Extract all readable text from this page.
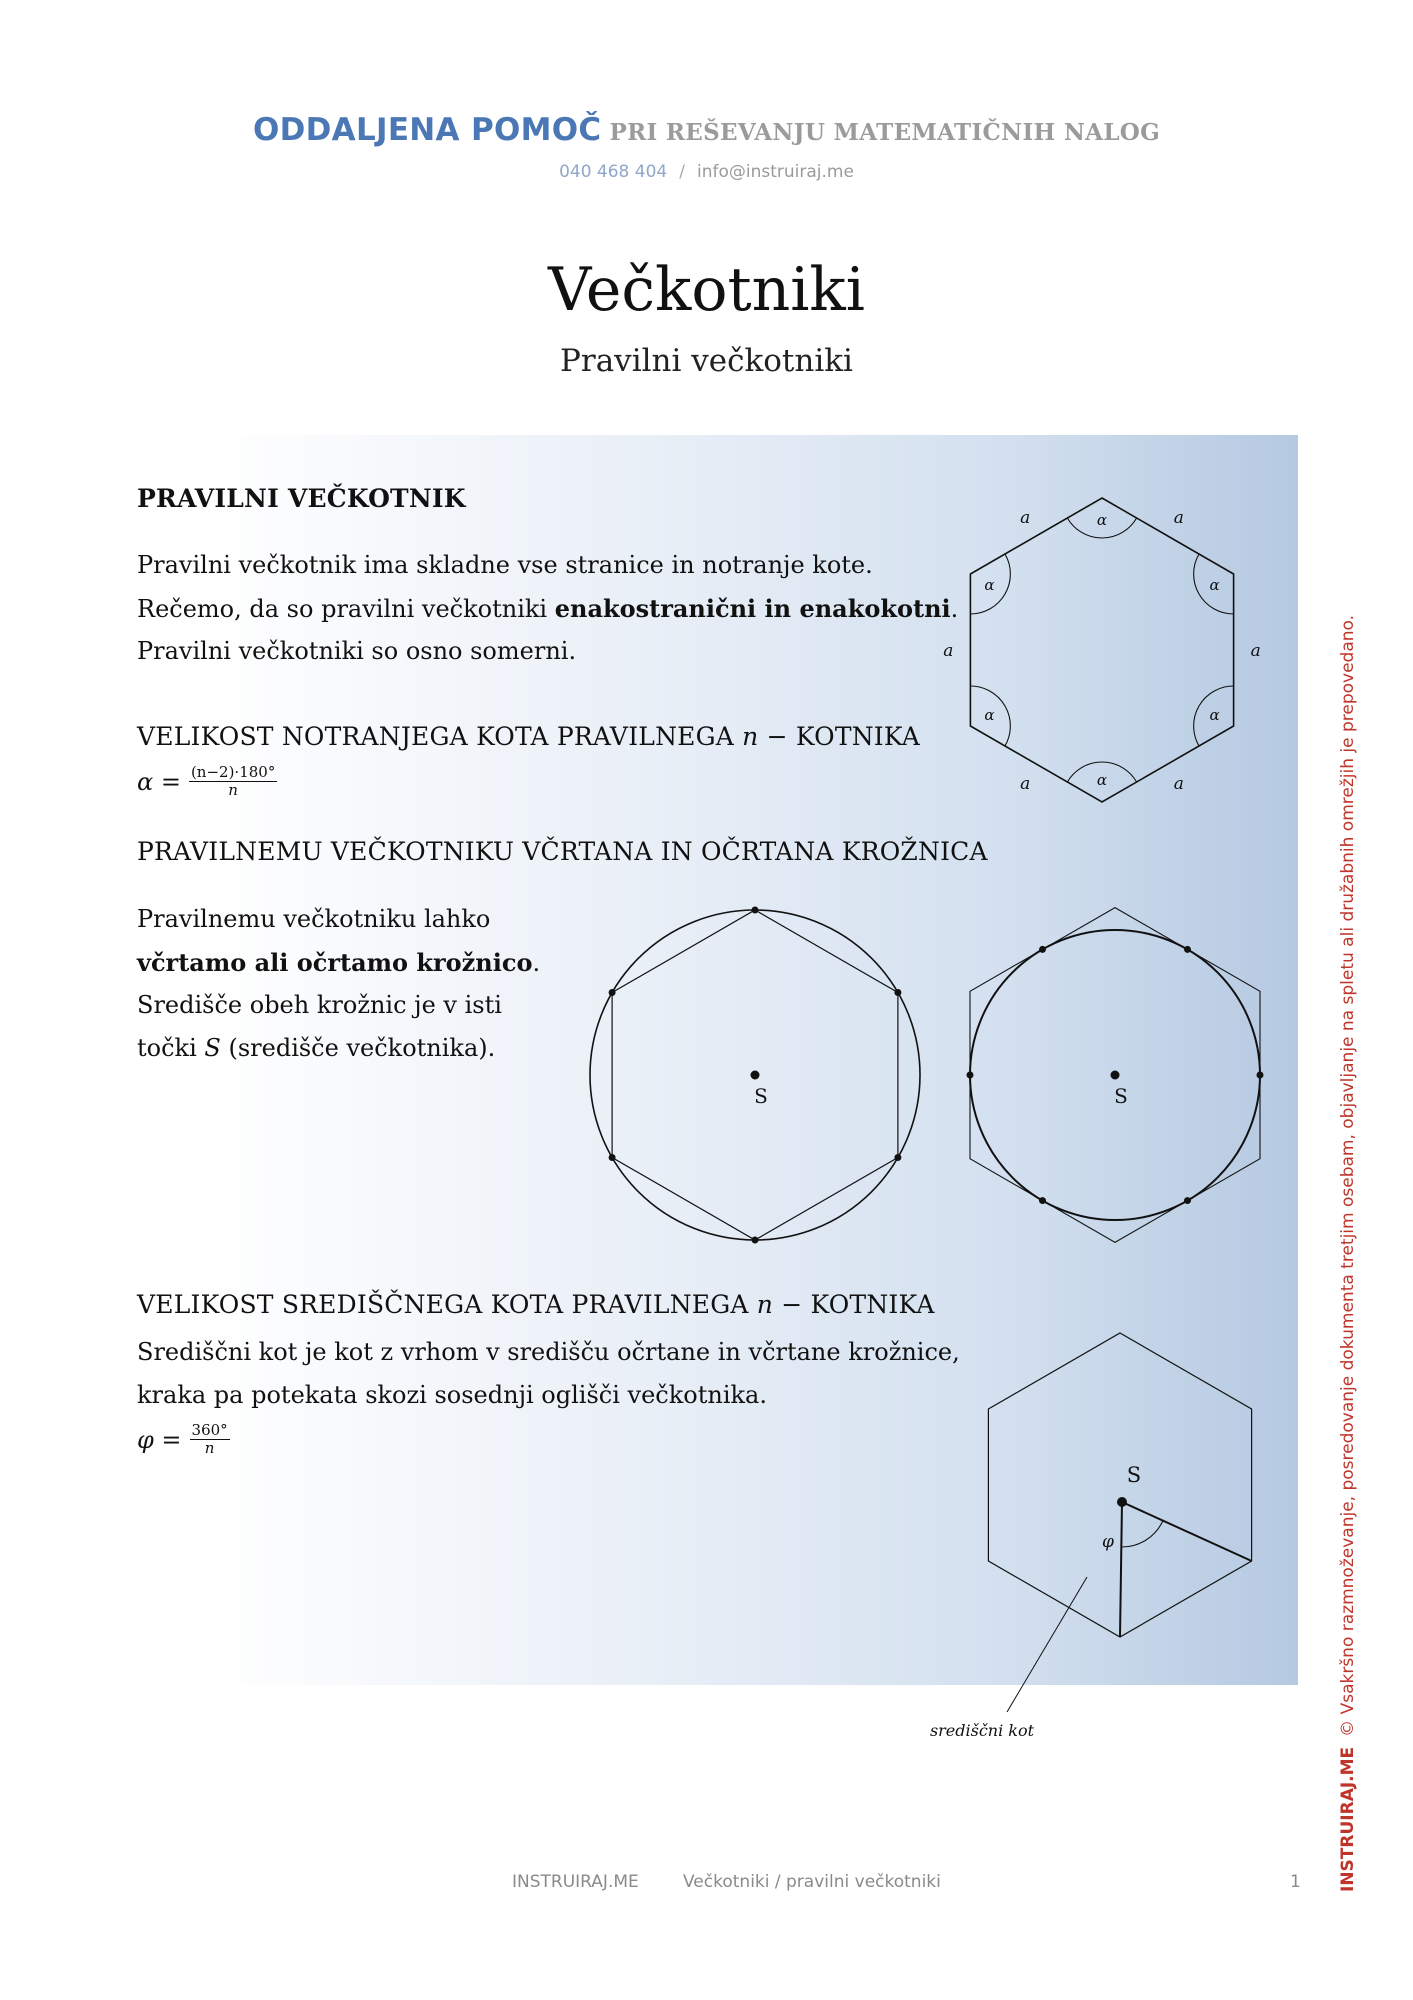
ODDALJENA POMOČ PRI REŠEVANJU MATEMATIČNIH NALOG
040 468 404 / info@instruiraj.me
Večkotniki
Pravilni večkotniki
PRAVILNI VEČKOTNIK
Pravilni večkotnik ima skladne vse stranice in notranje kote.
Rečemo, da so pravilni večkotniki enakostranični in enakokotni.
Pravilni večkotniki so osno somerni.
VELIKOST NOTRANJEGA KOTA PRAVILNEGA n − KOTNIKA
$\alpha = \frac{(n-2)\cdot 180^\circ}{n}$
α
α
α
α
α
α
a
a
a
a
a
a
PRAVILNEMU VEČKOTNIKU VČRTANA IN OČRTANA KROŽNICA
Pravilnemu večkotniku lahko
včrtamo ali očrtamo krožnico.
Središče obeh krožnic je v isti
točki S (središče večkotnika).
S	S
VELIKOST SREDIŠČNEGA KOTA PRAVILNEGA n − KOTNIKA
Središčni kot je kot z vrhom v središču očrtane in včrtane krožnice,
kraka pa potekata skozi sosednji oglišči večkotnika.
$\varphi = \frac{360^\circ}{n}$
S
φ
središčni kot
INSTRUIRAJ.ME© Vsakršno razmnoževanje, posredovanje dokumenta tretjim osebam, objavljanje na spletu ali družabnih omrežjih je prepovedano.
INSTRUIRAJ.ME	Večkotniki / pravilni večkotniki	1
